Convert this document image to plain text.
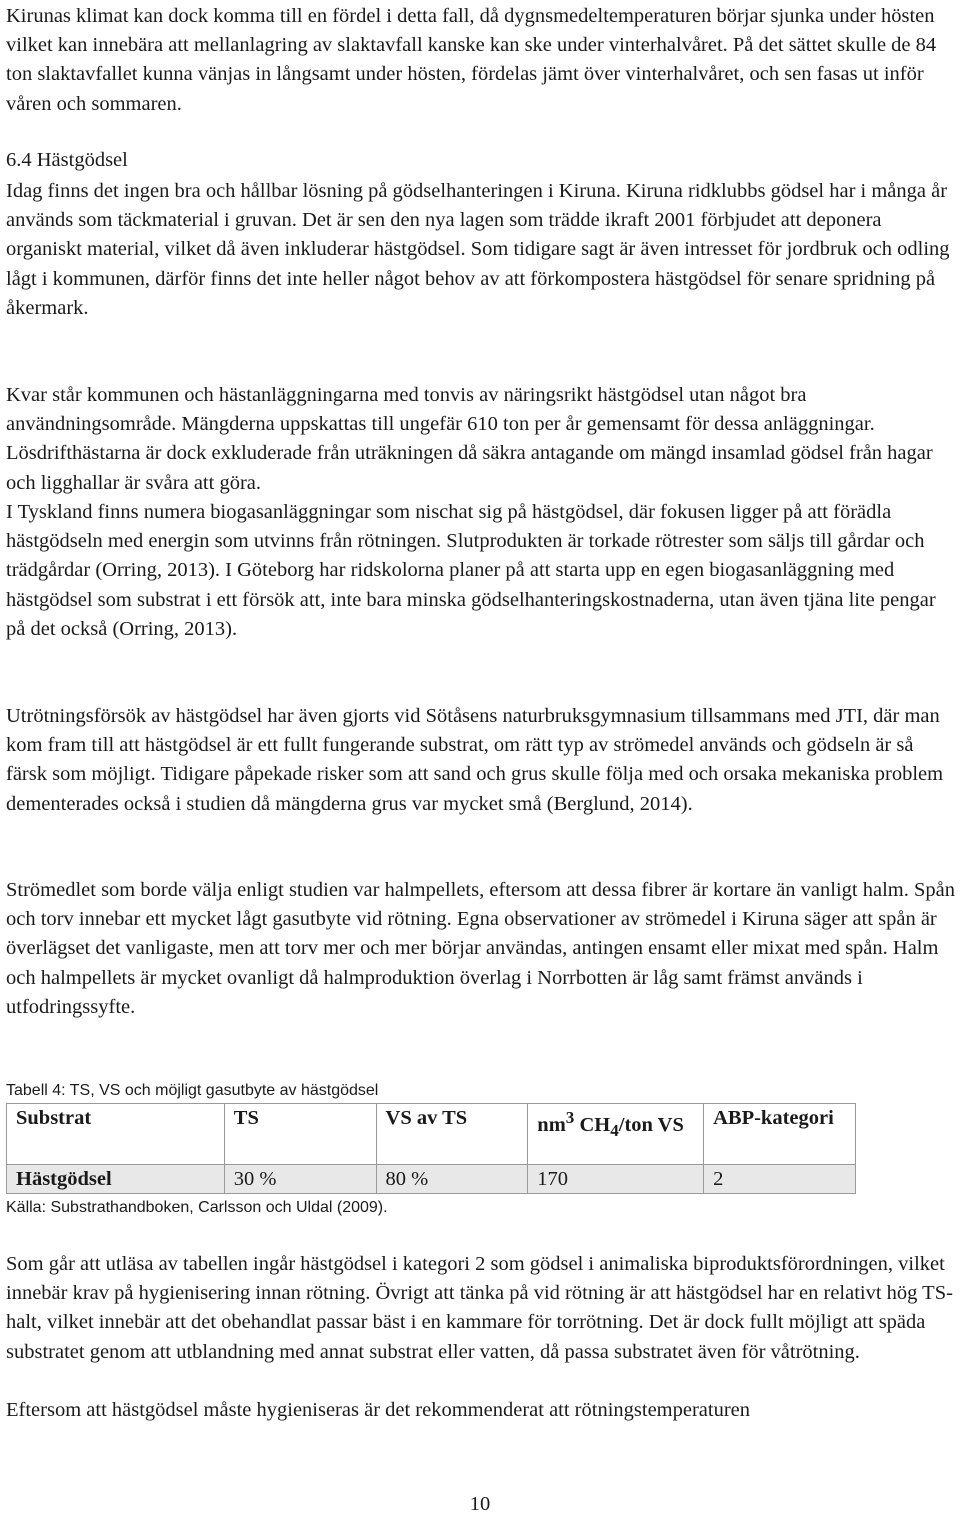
Kirunas klimat kan dock komma till en fördel i detta fall, då dygnsmedeltemperaturen börjar sjunka under hösten vilket kan innebära att mellanlagring av slaktavfall kanske kan ske under vinterhalvåret. På det sättet skulle de 84 ton slaktavfallet kunna vänjas in långsamt under hösten, fördelas jämt över vinterhalvåret, och sen fasas ut inför våren och sommaren.

6.4 Hästgödsel

Idag finns det ingen bra och hållbar lösning på gödselhanteringen i Kiruna. Kiruna ridklubbs gödsel har i många år används som täckmaterial i gruvan. Det är sen den nya lagen som trädde ikraft 2001 förbjudet att deponera organiskt material, vilket då även inkluderar hästgödsel. Som tidigare sagt är även intresset för jordbruk och odling lågt i kommunen, därför finns det inte heller något behov av att förkompostera hästgödsel för senare spridning på åkermark.

Kvar står kommunen och hästanläggningarna med tonvis av näringsrikt hästgödsel utan något bra användningsområde. Mängderna uppskattas till ungefär 610 ton per år gemensamt för dessa anläggningar. Lösdrifthästarna är dock exkluderade från uträkningen då säkra antagande om mängd insamlad gödsel från hagar och ligghallar är svåra att göra.

I Tyskland finns numera biogasanläggningar som nischat sig på hästgödsel, där fokusen ligger på att förädla hästgödseln med energin som utvinns från rötningen. Slutprodukten är torkade rötrester som säljs till gårdar och trädgårdar (Orring, 2013). I Göteborg har ridskolorna planer på att starta upp en egen biogasanläggning med hästgödsel som substrat i ett försök att, inte bara minska gödselhanteringskostnaderna, utan även tjäna lite pengar på det också (Orring, 2013).

Utrötningsförsök av hästgödsel har även gjorts vid Sötåsens naturbruksgymnasium tillsammans med JTI, där man kom fram till att hästgödsel är ett fullt fungerande substrat, om rätt typ av strömedel används och gödseln är så färsk som möjligt. Tidigare påpekade risker som att sand och grus skulle följa med och orsaka mekaniska problem dementerades också i studien då mängderna grus var mycket små (Berglund, 2014).

Strömedlet som borde välja enligt studien var halmpellets, eftersom att dessa fibrer är kortare än vanligt halm. Spån och torv innebar ett mycket lågt gasutbyte vid rötning. Egna observationer av strömedel i Kiruna säger att spån är överlägset det vanligaste, men att torv mer och mer börjar användas, antingen ensamt eller mixat med spån. Halm och halmpellets är mycket ovanligt då halmproduktion överlag i Norrbotten är låg samt främst används i utfodringssyfte.

Tabell 4: TS, VS och möjligt gasutbyte av hästgödsel

Substrat	TS	VS av TS	$nm^3$ $CH_4$/ton VS	ABP-kategori
Hästgödsel	30 %	80 %	170	2

Källa: Substrathandboken, Carlsson och Uldal (2009).

Som går att utläsa av tabellen ingår hästgödsel i kategori 2 som gödsel i animaliska biproduktsförordningen, vilket innebär krav på hygienisering innan rötning. Övrigt att tänka på vid rötning är att hästgödsel har en relativt hög TS-halt, vilket innebär att det obehandlat passar bäst i en kammare för torrötning. Det är dock fullt möjligt att späda substratet genom att utblandning med annat substrat eller vatten, då passa substratet även för våtrötning.

Eftersom att hästgödsel måste hygieniseras är det rekommenderat att rötningstemperaturen

10
